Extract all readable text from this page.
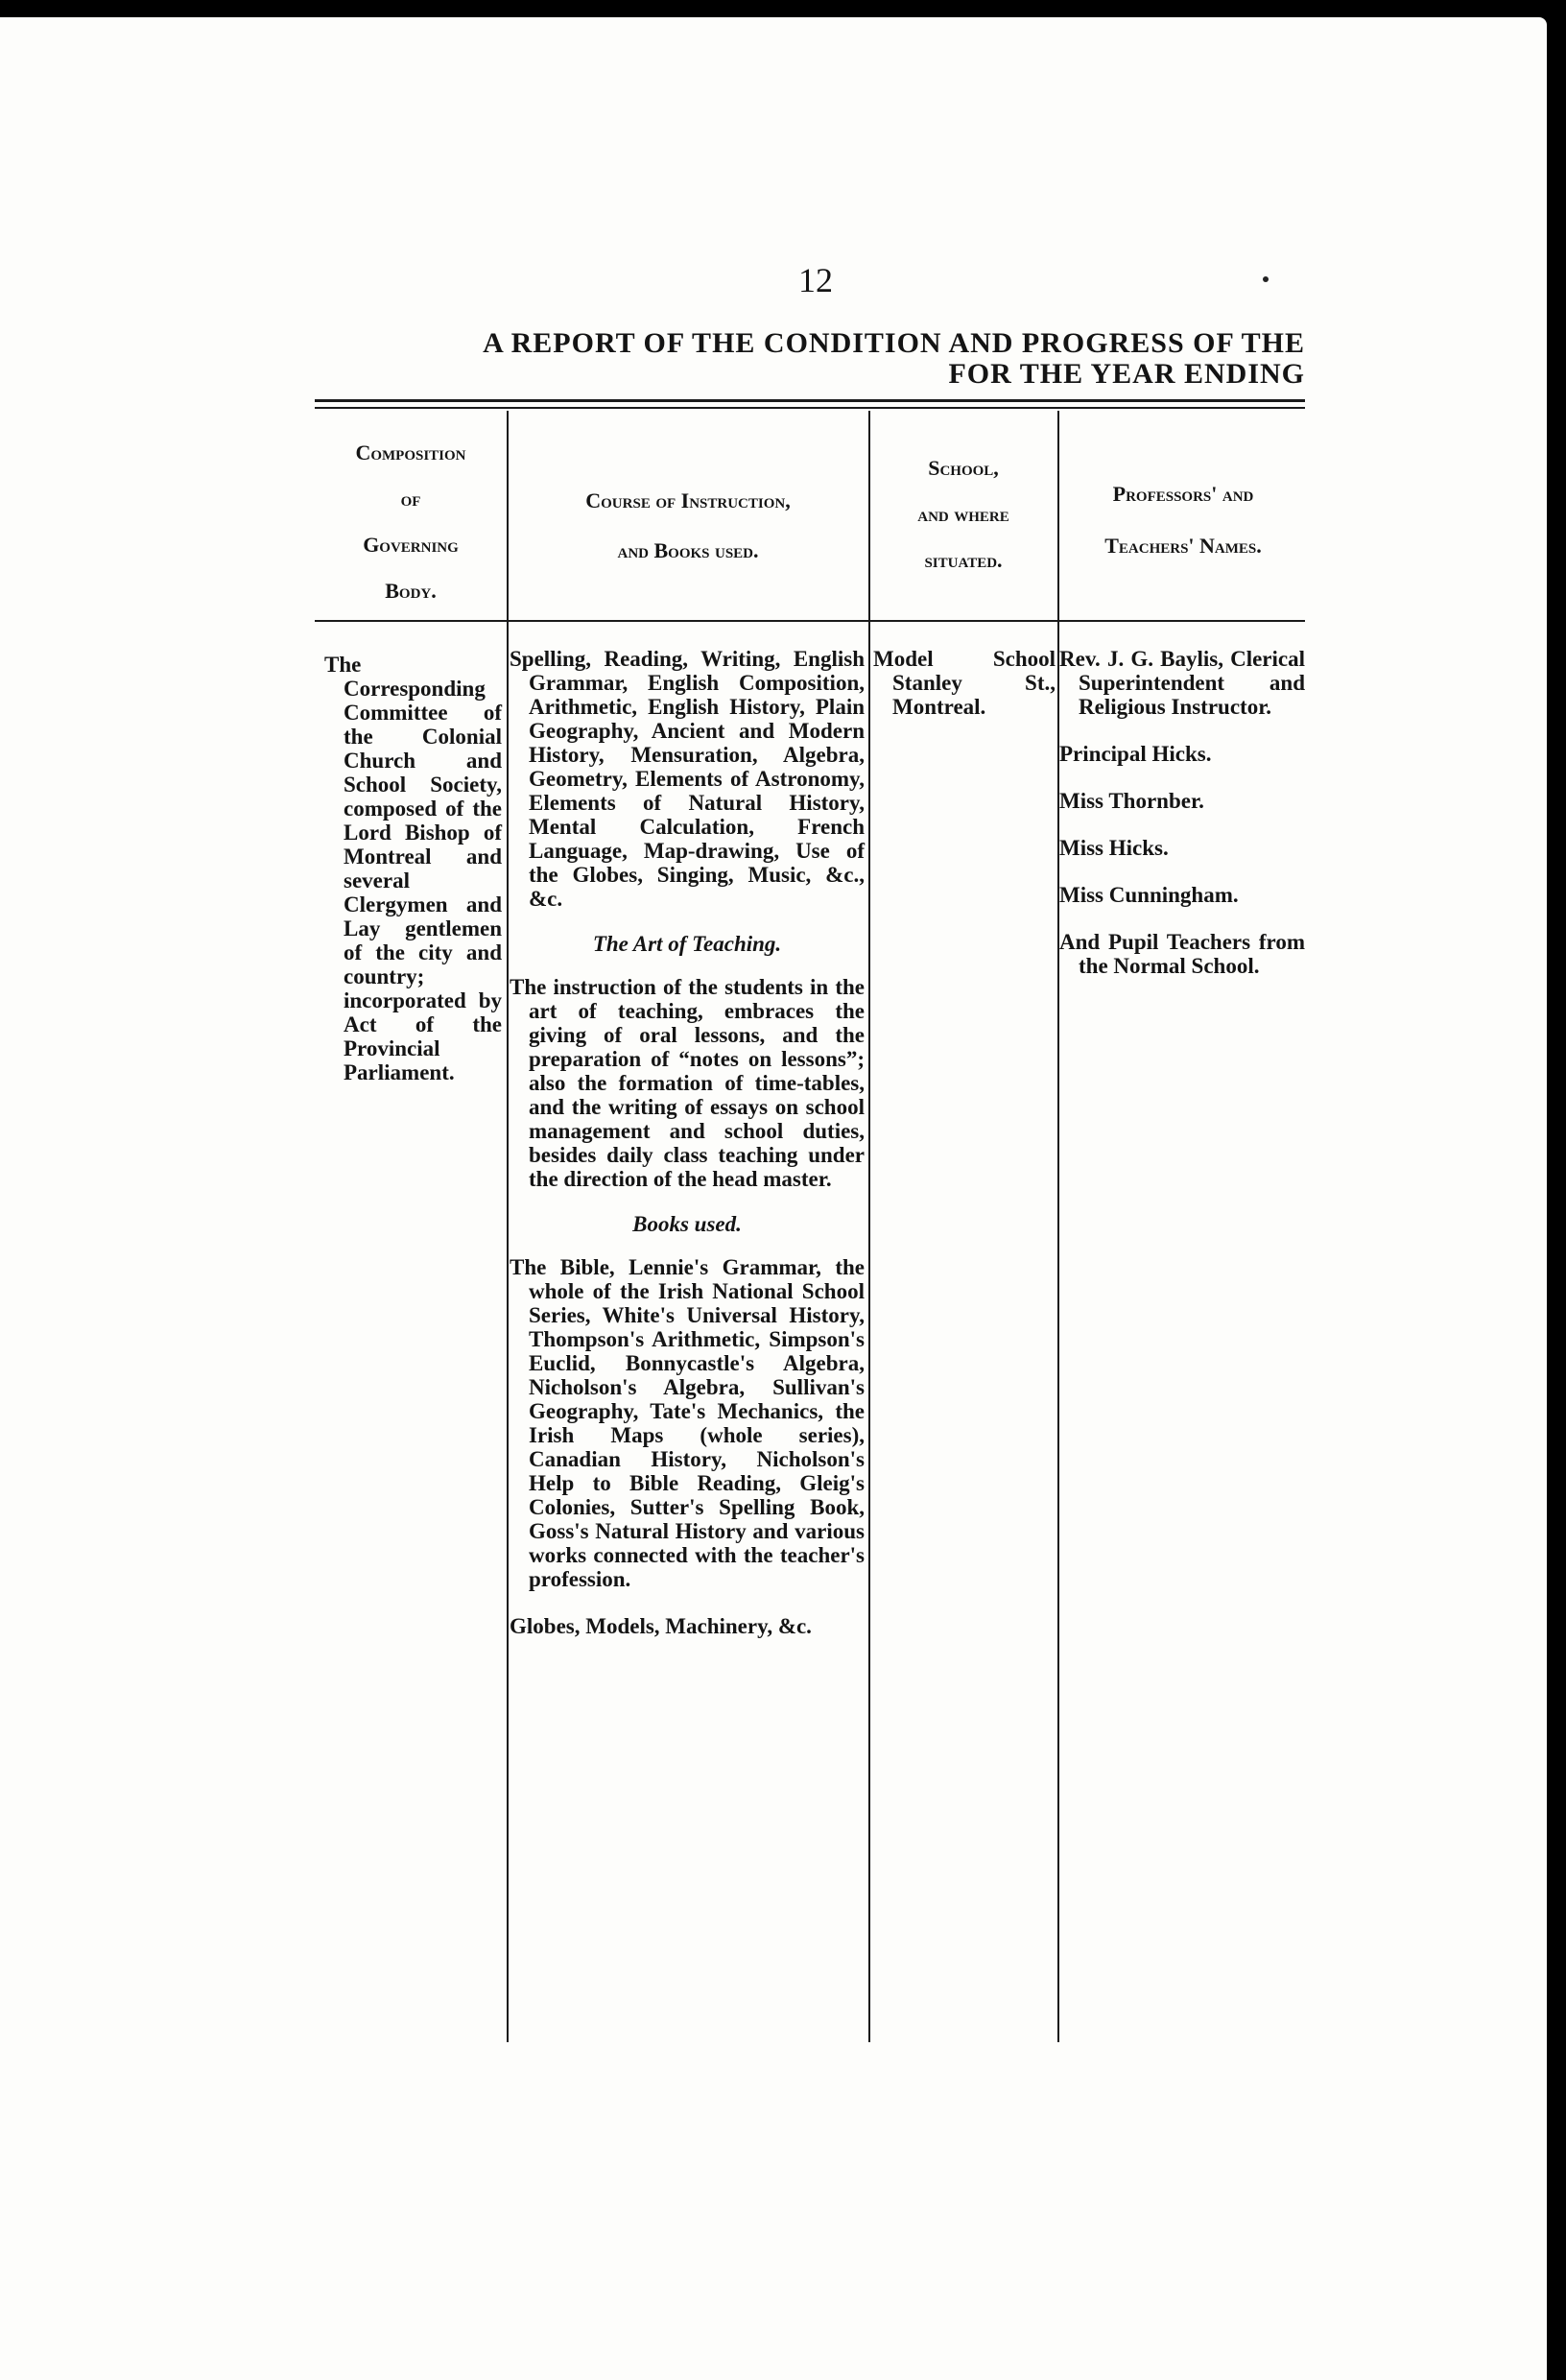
12
A REPORT OF THE CONDITION AND PROGRESS OF THE
FOR THE YEAR ENDING
Composition
of
Governing
Body.
Course of Instruction,
and Books used.
School,
and where
situated.
Professors' and
Teachers' Names.

The Corresponding Committee of the Colonial Church and School Society, composed of the Lord Bishop of Montreal and several Clergymen and Lay gentlemen of the city and country; incorporated by Act of the Provincial Parliament.

Spelling, Reading, Writing, English Grammar, English Composition, Arithmetic, English History, Plain Geography, Ancient and Modern History, Mensuration, Algebra, Geometry, Elements of Astronomy, Elements of Natural History, Mental Calculation, French Language, Map-drawing, Use of the Globes, Singing, Music, &c., &c.

The Art of Teaching.

The instruction of the students in the art of teaching, embraces the giving of oral lessons, and the preparation of “notes on lessons”; also the formation of time-tables, and the writing of essays on school management and school duties, besides daily class teaching under the direction of the head master.

Books used.

The Bible, Lennie's Grammar, the whole of the Irish National School Series, White's Universal History, Thompson's Arithmetic, Simpson's Euclid, Bonnycastle's Algebra, Nicholson's Algebra, Sullivan's Geography, Tate's Mechanics, the Irish Maps (whole series), Canadian History, Nicholson's Help to Bible Reading, Gleig's Colonies, Sutter's Spelling Book, Goss's Natural History and various works connected with the teacher's profession.

Globes, Models, Machinery, &c.

Model School Stanley St., Montreal.

Rev. J. G. Baylis, Clerical Superintendent and Religious Instructor.

Principal Hicks.

Miss Thornber.

Miss Hicks.

Miss Cunningham.

And Pupil Teachers from the Normal School.
